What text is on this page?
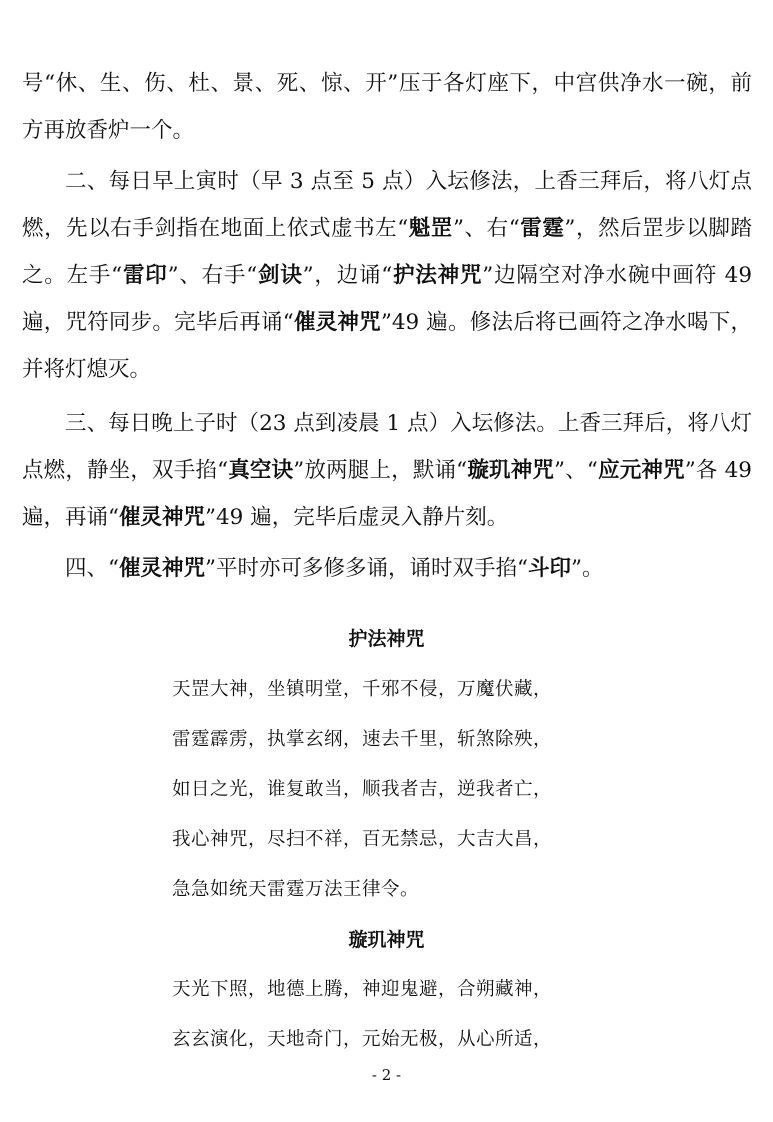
号“休、生、伤、杜、景、死、惊、开”压于各灯座下，中宫供净水一碗，前方再放香炉一个。

二、每日早上寅时（早 3 点至 5 点）入坛修法，上香三拜后，将八灯点燃，先以右手剑指在地面上依式虚书左“魁罡”、右“雷霆”，然后罡步以脚踏之。左手“雷印”、右手“剑诀”，边诵“护法神咒”边隔空对净水碗中画符 49 遍，咒符同步。完毕后再诵“催灵神咒”49 遍。修法后将已画符之净水喝下，并将灯熄灭。

三、每日晚上子时（23 点到凌晨 1 点）入坛修法。上香三拜后，将八灯点燃，静坐，双手掐“真空诀”放两腿上，默诵“璇玑神咒”、“应元神咒”各 49 遍，再诵“催灵神咒”49 遍，完毕后虚灵入静片刻。

四、“催灵神咒”平时亦可多修多诵，诵时双手掐“斗印”。

护法神咒
天罡大神，坐镇明堂，千邪不侵，万魔伏藏，
雷霆霹雳，执掌玄纲，速去千里，斩煞除殃，
如日之光，谁复敢当，顺我者吉，逆我者亡，
我心神咒，尽扫不祥，百无禁忌，大吉大昌，
急急如统天雷霆万法王律令。
璇玑神咒
天光下照，地德上腾，神迎鬼避，合朔藏神，
玄玄演化，天地奇门，元始无极，从心所适，

- 2 -
